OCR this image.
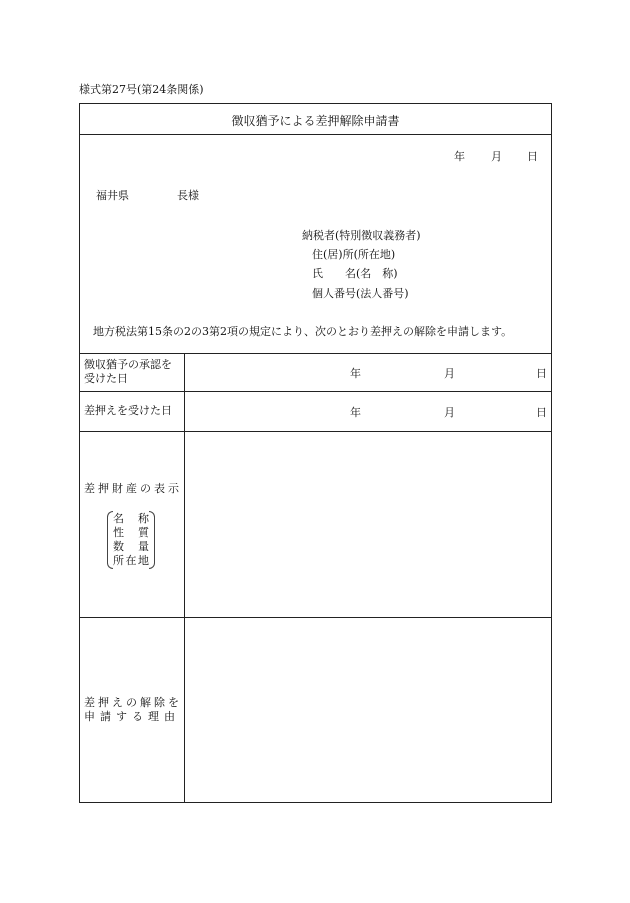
様式第27号(第24条関係)
徴収猶予による差押解除申請書
年 月 日
福井県	長様
納税者(特別徴収義務者)
住(居)所(所在地)
氏　　名(名　称)
個人番号(法人番号)
地方税法第15条の2の3第2項の規定により、次のとおり差押えの解除を申請します。
徴収猶予の承認を
受けた日	年	月	日
差押えを受けた日	年	月	日
差押財産の表示
名称
性質
数量
所在地
差押えの解除を
申請する理由
